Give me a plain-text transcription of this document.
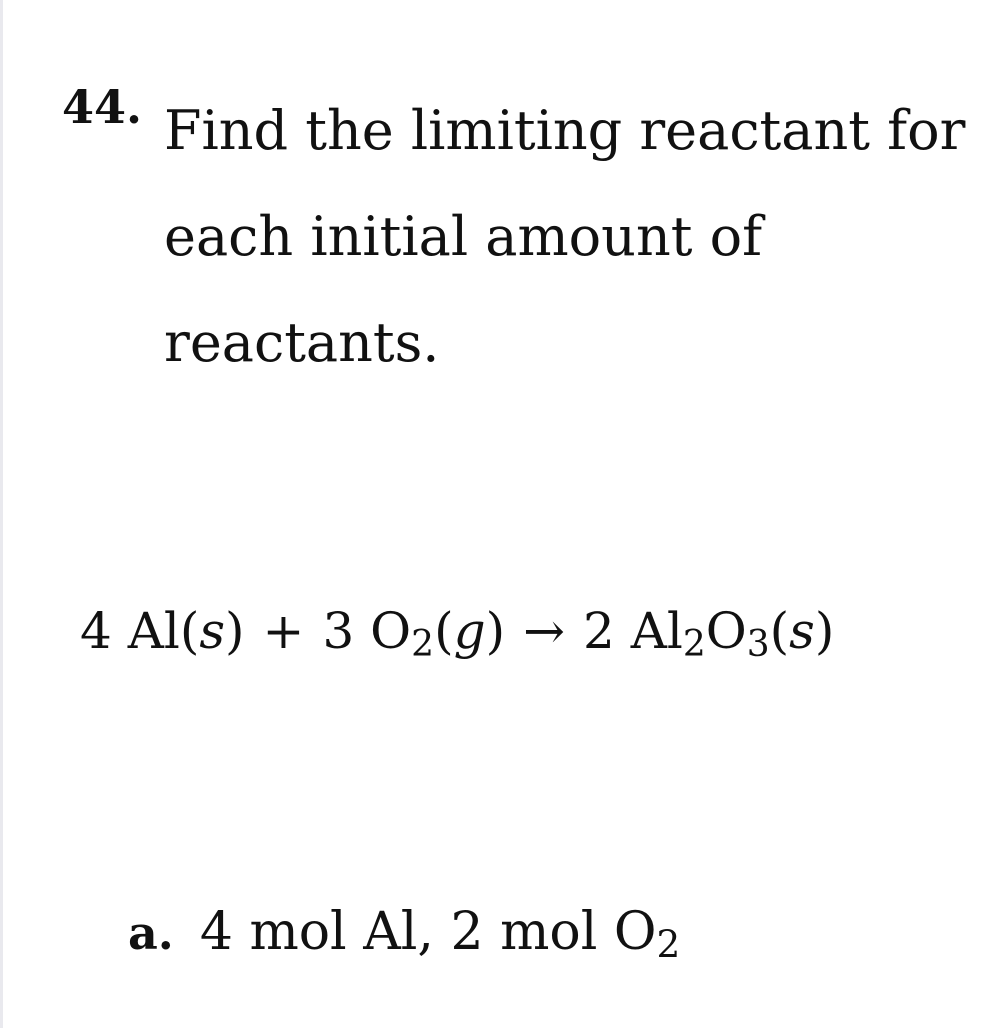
44. Find the limiting reactant for
each initial amount of
reactants.

4 Al(s) + 3 $O_2(g) \to 2$ $Al_2O_3(s)$
a. 4 mol Al, 2 mol $O_2$
